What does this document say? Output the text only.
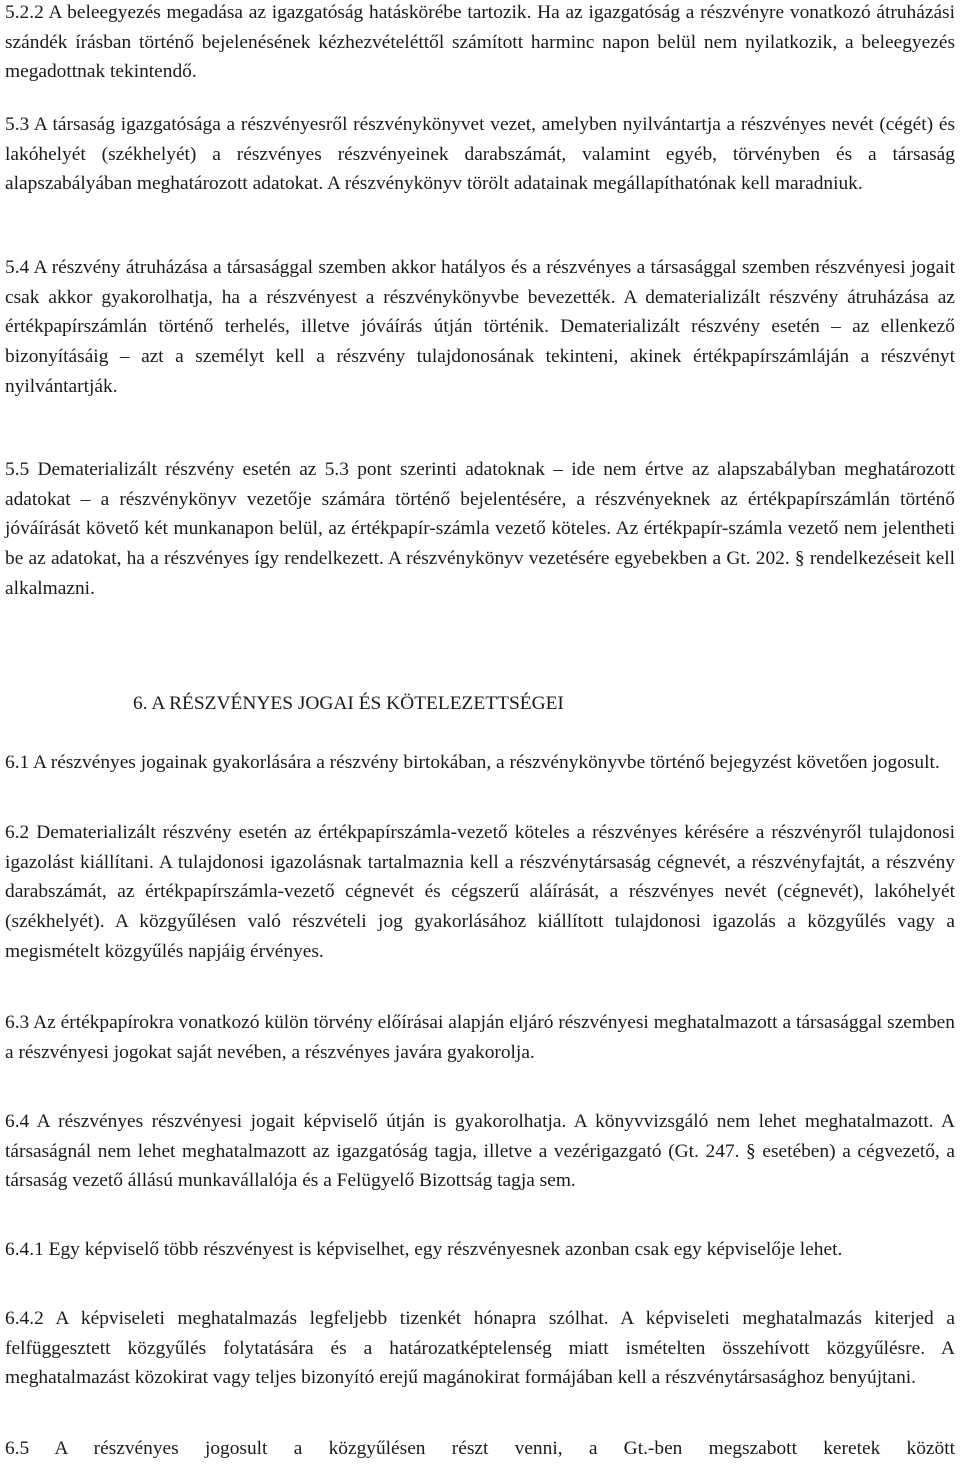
5.2.2 A beleegyezés megadása az igazgatóság hatáskörébe tartozik. Ha az igazgatóság a részvényre vonatkozó átruházási szándék írásban történő bejelenésének kézhezvételéttől számított harminc napon belül nem nyilatkozik, a beleegyezés megadottnak tekintendő.

5.3 A társaság igazgatósága a részvényesről részvénykönyvet vezet, amelyben nyilvántartja a részvényes nevét (cégét) és lakóhelyét (székhelyét) a részvényes részvényeinek darabszámát, valamint egyéb, törvényben és a társaság alapszabályában meghatározott adatokat. A részvénykönyv törölt adatainak megállapíthatónak kell maradniuk.

5.4 A részvény átruházása a társasággal szemben akkor hatályos és a részvényes a társasággal szemben részvényesi jogait csak akkor gyakorolhatja, ha a részvényest a részvénykönyvbe bevezették. A dematerializált részvény átruházása az értékpapírszámlán történő terhelés, illetve jóváírás útján történik. Dematerializált részvény esetén – az ellenkező bizonyításáig – azt a személyt kell a részvény tulajdonosának tekinteni, akinek értékpapírszámláján a részvényt nyilvántartják.

5.5 Dematerializált részvény esetén az 5.3 pont szerinti adatoknak – ide nem értve az alapszabályban meghatározott adatokat – a részvénykönyv vezetője számára történő bejelentésére, a részvényeknek az értékpapírszámlán történő jóváírását követő két munkanapon belül, az értékpapír-számla vezető köteles. Az értékpapír-számla vezető nem jelentheti be az adatokat, ha a részvényes így rendelkezett. A részvénykönyv vezetésére egyebekben a Gt. 202. § rendelkezéseit kell alkalmazni.

6. A RÉSZVÉNYES JOGAI ÉS KÖTELEZETTSÉGEI

6.1 A részvényes jogainak gyakorlására a részvény birtokában, a részvénykönyvbe történő bejegyzést követően jogosult.

6.2 Dematerializált részvény esetén az értékpapírszámla-vezető köteles a részvényes kérésére a részvényről tulajdonosi igazolást kiállítani. A tulajdonosi igazolásnak tartalmaznia kell a részvénytársaság cégnevét, a részvényfajtát, a részvény darabszámát, az értékpapírszámla-vezető cégnevét és cégszerű aláírását, a részvényes nevét (cégnevét), lakóhelyét (székhelyét). A közgyűlésen való részvételi jog gyakorlásához kiállított tulajdonosi igazolás a közgyűlés vagy a megismételt közgyűlés napjáig érvényes.

6.3 Az értékpapírokra vonatkozó külön törvény előírásai alapján eljáró részvényesi meghatalmazott a társasággal szemben a részvényesi jogokat saját nevében, a részvényes javára gyakorolja.

6.4 A részvényes részvényesi jogait képviselő útján is gyakorolhatja. A könyvvizsgáló nem lehet meghatalmazott. A társaságnál nem lehet meghatalmazott az igazgatóság tagja, illetve a vezérigazgató (Gt. 247. § esetében) a cégvezető, a társaság vezető állású munkavállalója és a Felügyelő Bizottság tagja sem.

6.4.1 Egy képviselő több részvényest is képviselhet, egy részvényesnek azonban csak egy képviselője lehet.

6.4.2 A képviseleti meghatalmazás legfeljebb tizenkét hónapra szólhat. A képviseleti meghatalmazás kiterjed a felfüggesztett közgyűlés folytatására és a határozatképtelenség miatt ismételten összehívott közgyűlésre. A meghatalmazást közokirat vagy teljes bizonyító erejű magánokirat formájában kell a részvénytársasághoz benyújtani.

6.5 A részvényes jogosult a közgyűlésen részt venni, a Gt.-ben megszabott keretek között
